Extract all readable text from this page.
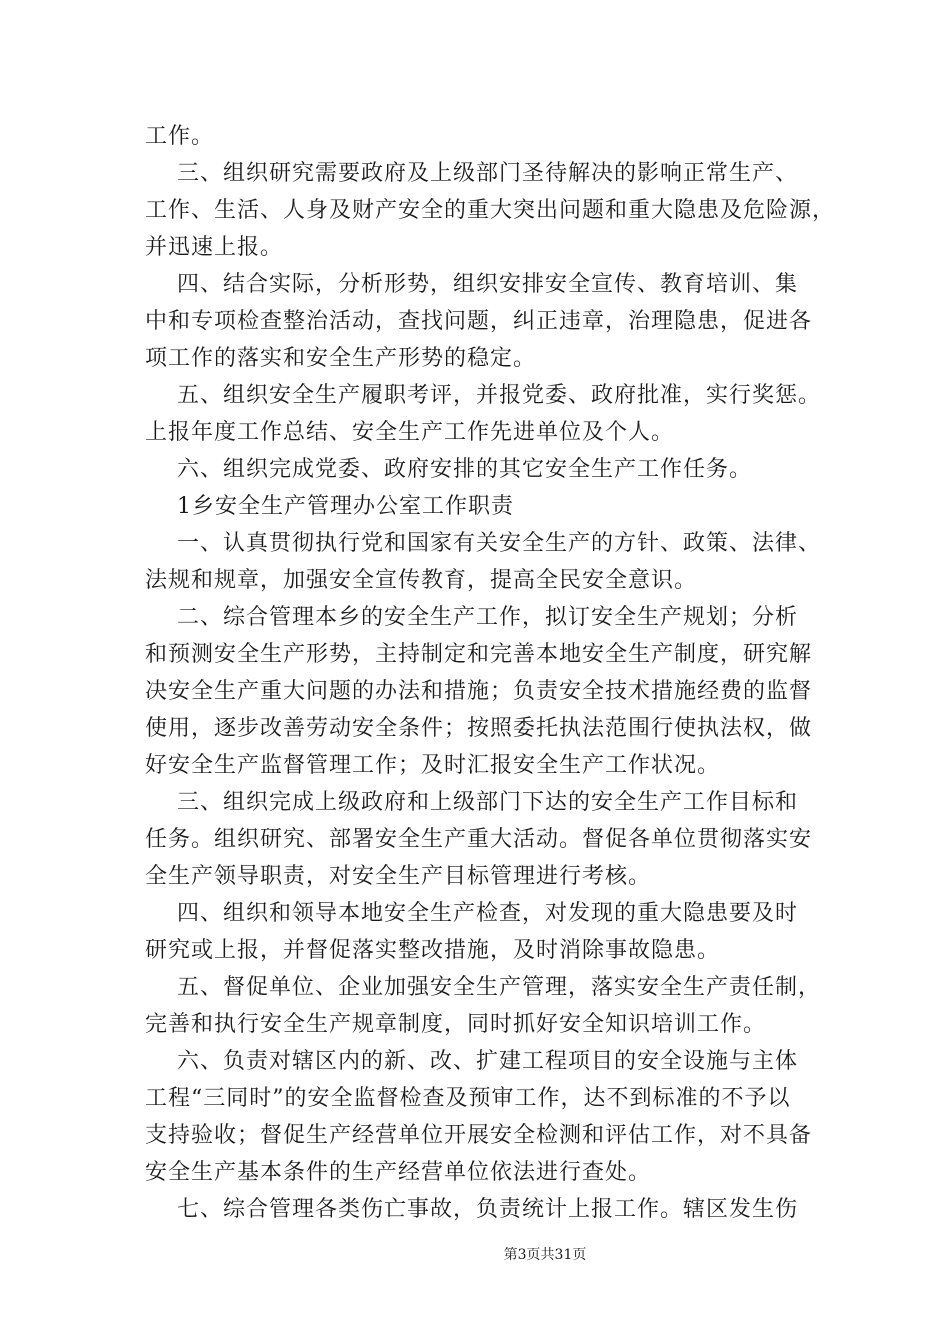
工作。
三、组织研究需要政府及上级部门圣待解决的影响正常生产、
工作、生活、人身及财产安全的重大突出问题和重大隐患及危险源，
并迅速上报。
四、结合实际，分析形势，组织安排安全宣传、教育培训、集
中和专项检查整治活动，查找问题，纠正违章，治理隐患，促进各
项工作的落实和安全生产形势的稳定。
五、组织安全生产履职考评，并报党委、政府批准，实行奖惩。
上报年度工作总结、安全生产工作先进单位及个人。
六、组织完成党委、政府安排的其它安全生产工作任务。
1乡安全生产管理办公室工作职责
一、认真贯彻执行党和国家有关安全生产的方针、政策、法律、
法规和规章，加强安全宣传教育，提高全民安全意识。
二、综合管理本乡的安全生产工作，拟订安全生产规划；分析
和预测安全生产形势，主持制定和完善本地安全生产制度，研究解
决安全生产重大问题的办法和措施；负责安全技术措施经费的监督
使用，逐步改善劳动安全条件；按照委托执法范围行使执法权，做
好安全生产监督管理工作；及时汇报安全生产工作状况。
三、组织完成上级政府和上级部门下达的安全生产工作目标和
任务。组织研究、部署安全生产重大活动。督促各单位贯彻落实安
全生产领导职责，对安全生产目标管理进行考核。
四、组织和领导本地安全生产检查，对发现的重大隐患要及时
研究或上报，并督促落实整改措施，及时消除事故隐患。
五、督促单位、企业加强安全生产管理，落实安全生产责任制，
完善和执行安全生产规章制度，同时抓好安全知识培训工作。
六、负责对辖区内的新、改、扩建工程项目的安全设施与主体
工程“三同时”的安全监督检查及预审工作，达不到标准的不予以
支持验收；督促生产经营单位开展安全检测和评估工作，对不具备
安全生产基本条件的生产经营单位依法进行查处。
七、综合管理各类伤亡事故，负责统计上报工作。辖区发生伤
第3页共31页
